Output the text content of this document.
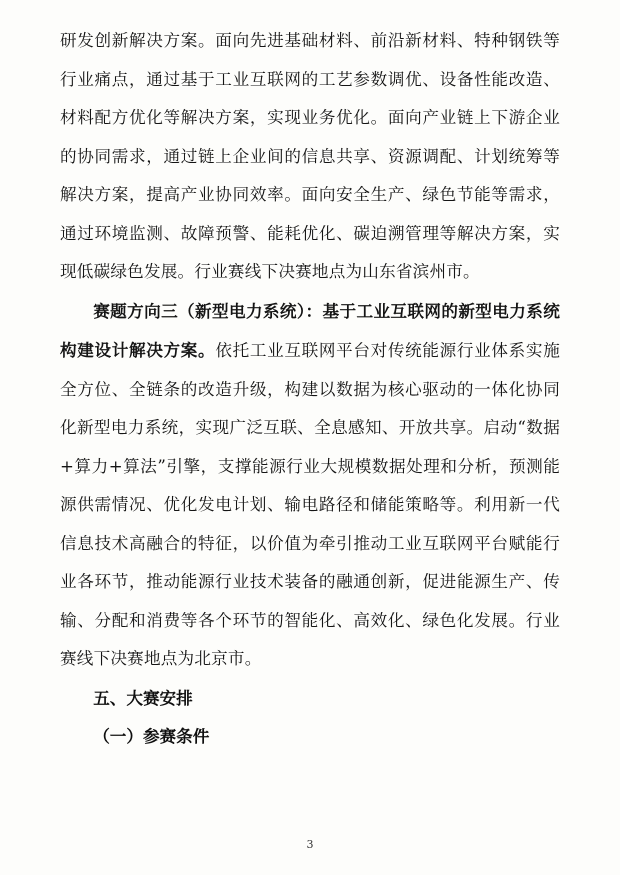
研发创新解决方案。面向先进基础材料、前沿新材料、特种钢铁等行业痛点，通过基于工业互联网的工艺参数调优、设备性能改造、材料配方优化等解决方案，实现业务优化。面向产业链上下游企业的协同需求，通过链上企业间的信息共享、资源调配、计划统筹等解决方案，提高产业协同效率。面向安全生产、绿色节能等需求，通过环境监测、故障预警、能耗优化、碳迫溯管理等解决方案，实现低碳绿色发展。行业赛线下决赛地点为山东省滨州市。

赛题方向三（新型电力系统）：基于工业互联网的新型电力系统构建设计解决方案。依托工业互联网平台对传统能源行业体系实施全方位、全链条的改造升级，构建以数据为核心驱动的一体化协同化新型电力系统，实现广泛互联、全息感知、开放共享。启动“数据+算力+算法”引擎，支撑能源行业大规模数据处理和分析，预测能源供需情况、优化发电计划、输电路径和储能策略等。利用新一代信息技术高融合的特征，以价值为牵引推动工业互联网平台赋能行业各环节，推动能源行业技术装备的融通创新，促进能源生产、传输、分配和消费等各个环节的智能化、高效化、绿色化发展。行业赛线下决赛地点为北京市。

五、大赛安排

（一）参赛条件

3
